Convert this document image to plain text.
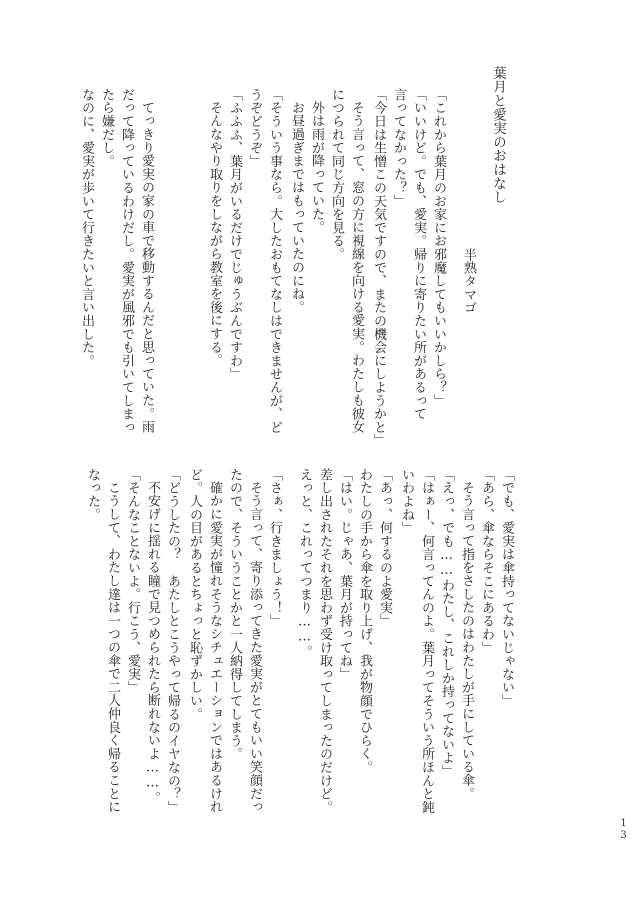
葉月と愛実のおはなし
半熟タマゴ
「これから葉月のお家にお邪魔してもいいかしら？」
「いいけど。でも、愛実。帰りに寄りたい所があるって
言ってなかった？」
「今日は生憎この天気ですので、またの機会にしようかと」
そう言って、窓の方に視線を向ける愛実。わたしも彼女
につられて同じ方向を見る。
外は雨が降っていた。
お昼過ぎまではもっていたのにね。
「そういう事なら。大したおもてなしはできませんが、ど
うぞどうぞ」
「ふふふ、葉月がいるだけでじゅうぶんですわ」
そんなやり取りをしながら教室を後にする。
てっきり愛実の家の車で移動するんだと思っていた。雨
だって降っているわけだし。愛実が風邪でも引いてしまっ
たら嫌だし。
なのに、愛実が歩いて行きたいと言い出した。
「でも、愛実は傘持ってないじゃない」
「あら、傘ならそこにあるわ」
そう言って指をさしたのはわたしが手にしている傘。
「えっ、でも……わたし、これしか持ってないよ」
「はぁー、何言ってんのよ。葉月ってそういう所ほんと鈍
いわよね」
「あっ、何するのよ愛実」
わたしの手から傘を取り上げ、我が物顔でひらく。
「はい。じゃあ、葉月が持ってね」
差し出されたそれを思わず受け取ってしまったのだけど。
えっと、これってつまり……。
「さぁ、行きましょう！」
そう言って、寄り添ってきた愛実がとてもいい笑顔だっ
たので、そういうことかと一人納得してしまう。
確かに愛実が憧れそうなシチュエーションではあるけれ
ど。人の目があるとちょっと恥ずかしい。
「どうしたの？　あたしとこうやって帰るのイヤなの？」
不安げに揺れる瞳で見つめられたら断れないよ……。
「そんなことないよ。行こう、愛実」
こうして、わたし達は一つの傘で二人仲良く帰ることに
なった。
13
